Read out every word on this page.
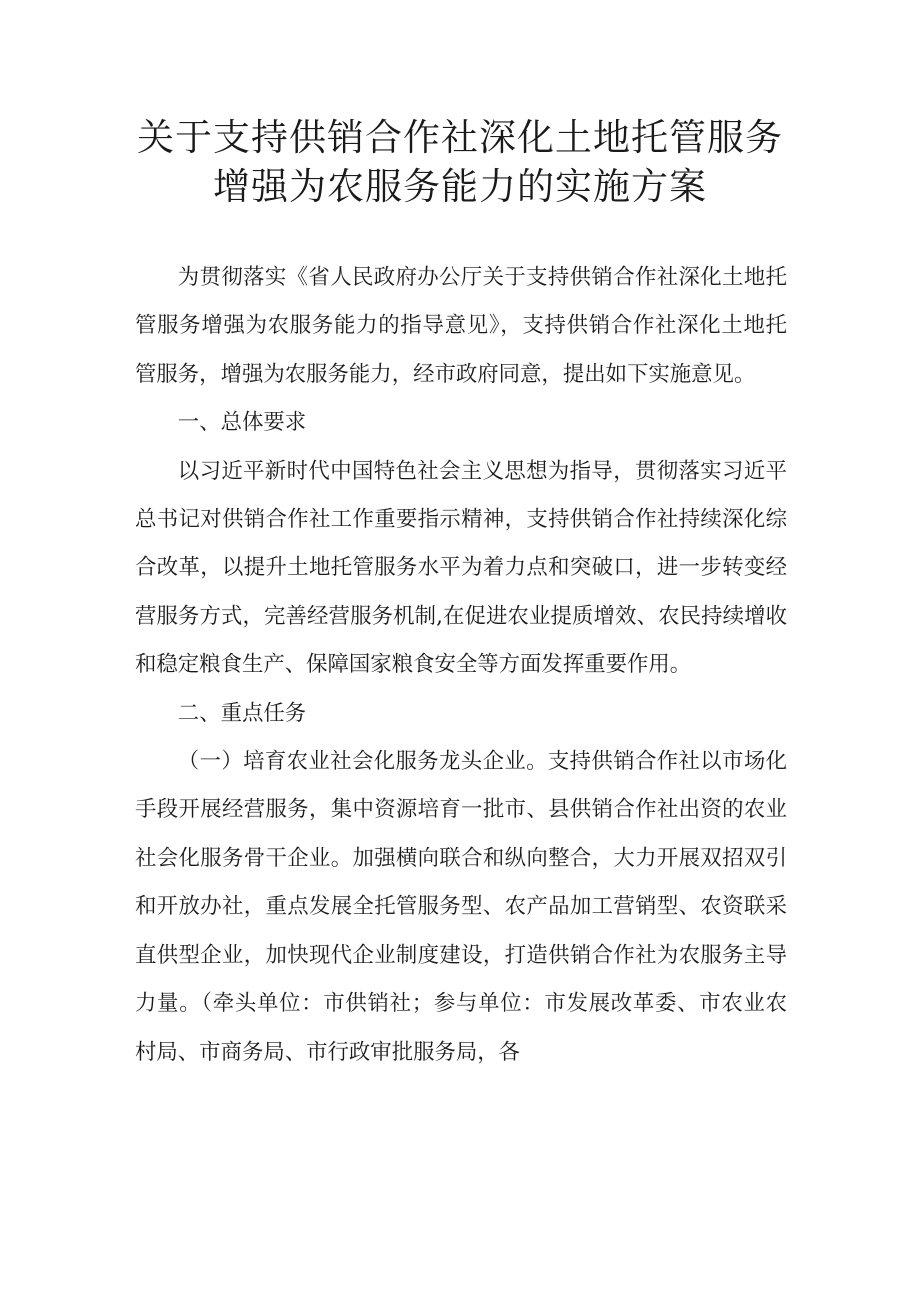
关于支持供销合作社深化土地托管服务
增强为农服务能力的实施方案

为贯彻落实《省人民政府办公厅关于支持供销合作社深化土地托管服务增强为农服务能力的指导意见》，支持供销合作社深化土地托管服务，增强为农服务能力，经市政府同意，提出如下实施意见。

一、总体要求

以习近平新时代中国特色社会主义思想为指导，贯彻落实习近平总书记对供销合作社工作重要指示精神，支持供销合作社持续深化综合改革，以提升土地托管服务水平为着力点和突破口，进一步转变经营服务方式，完善经营服务机制,在促进农业提质增效、农民持续增收和稳定粮食生产、保障国家粮食安全等方面发挥重要作用。

二、重点任务

（一）培育农业社会化服务龙头企业。支持供销合作社以市场化手段开展经营服务，集中资源培育一批市、县供销合作社出资的农业社会化服务骨干企业。加强横向联合和纵向整合，大力开展双招双引和开放办社，重点发展全托管服务型、农产品加工营销型、农资联采直供型企业，加快现代企业制度建设，打造供销合作社为农服务主导力量。（牵头单位：市供销社；参与单位：市发展改革委、市农业农村局、市商务局、市行政审批服务局，各
